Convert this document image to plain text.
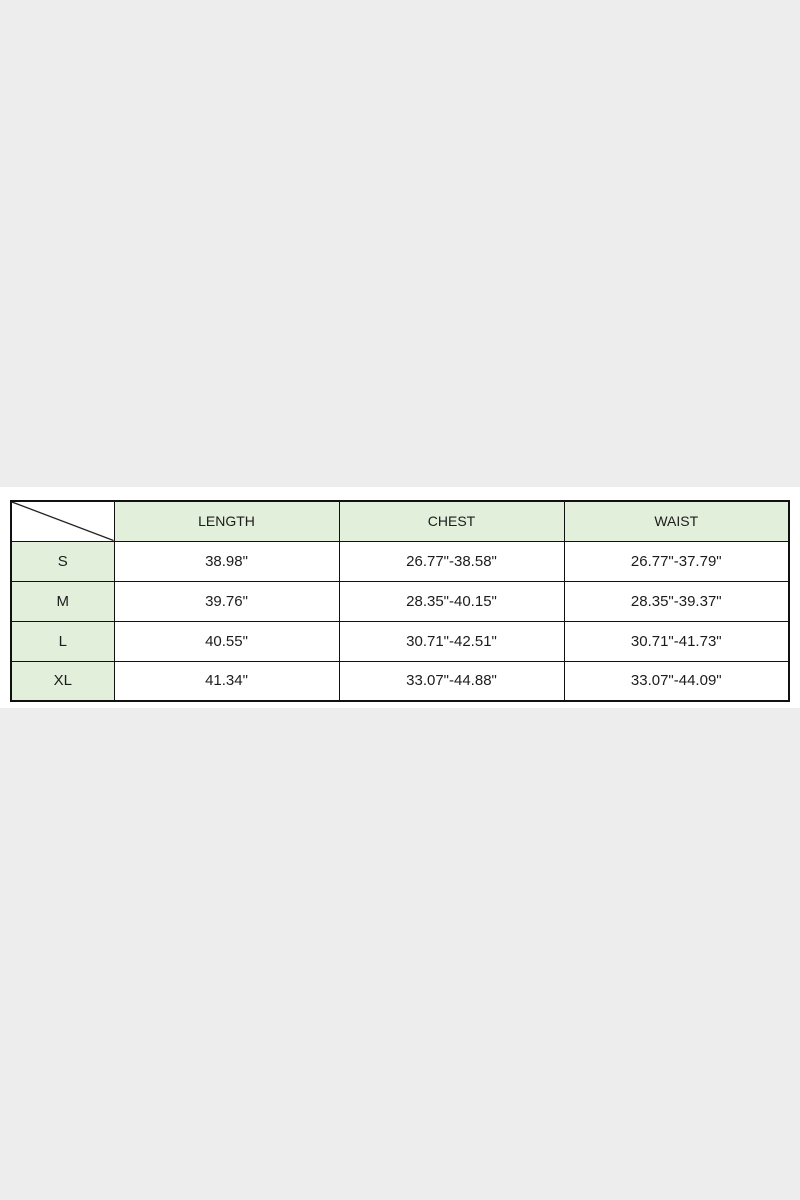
	LENGTH	CHEST	WAIST
S	38.98"	26.77"-38.58"	26.77"-37.79"
M	39.76"	28.35"-40.15"	28.35"-39.37"
L	40.55"	30.71"-42.51"	30.71"-41.73"
XL	41.34"	33.07"-44.88"	33.07"-44.09"
